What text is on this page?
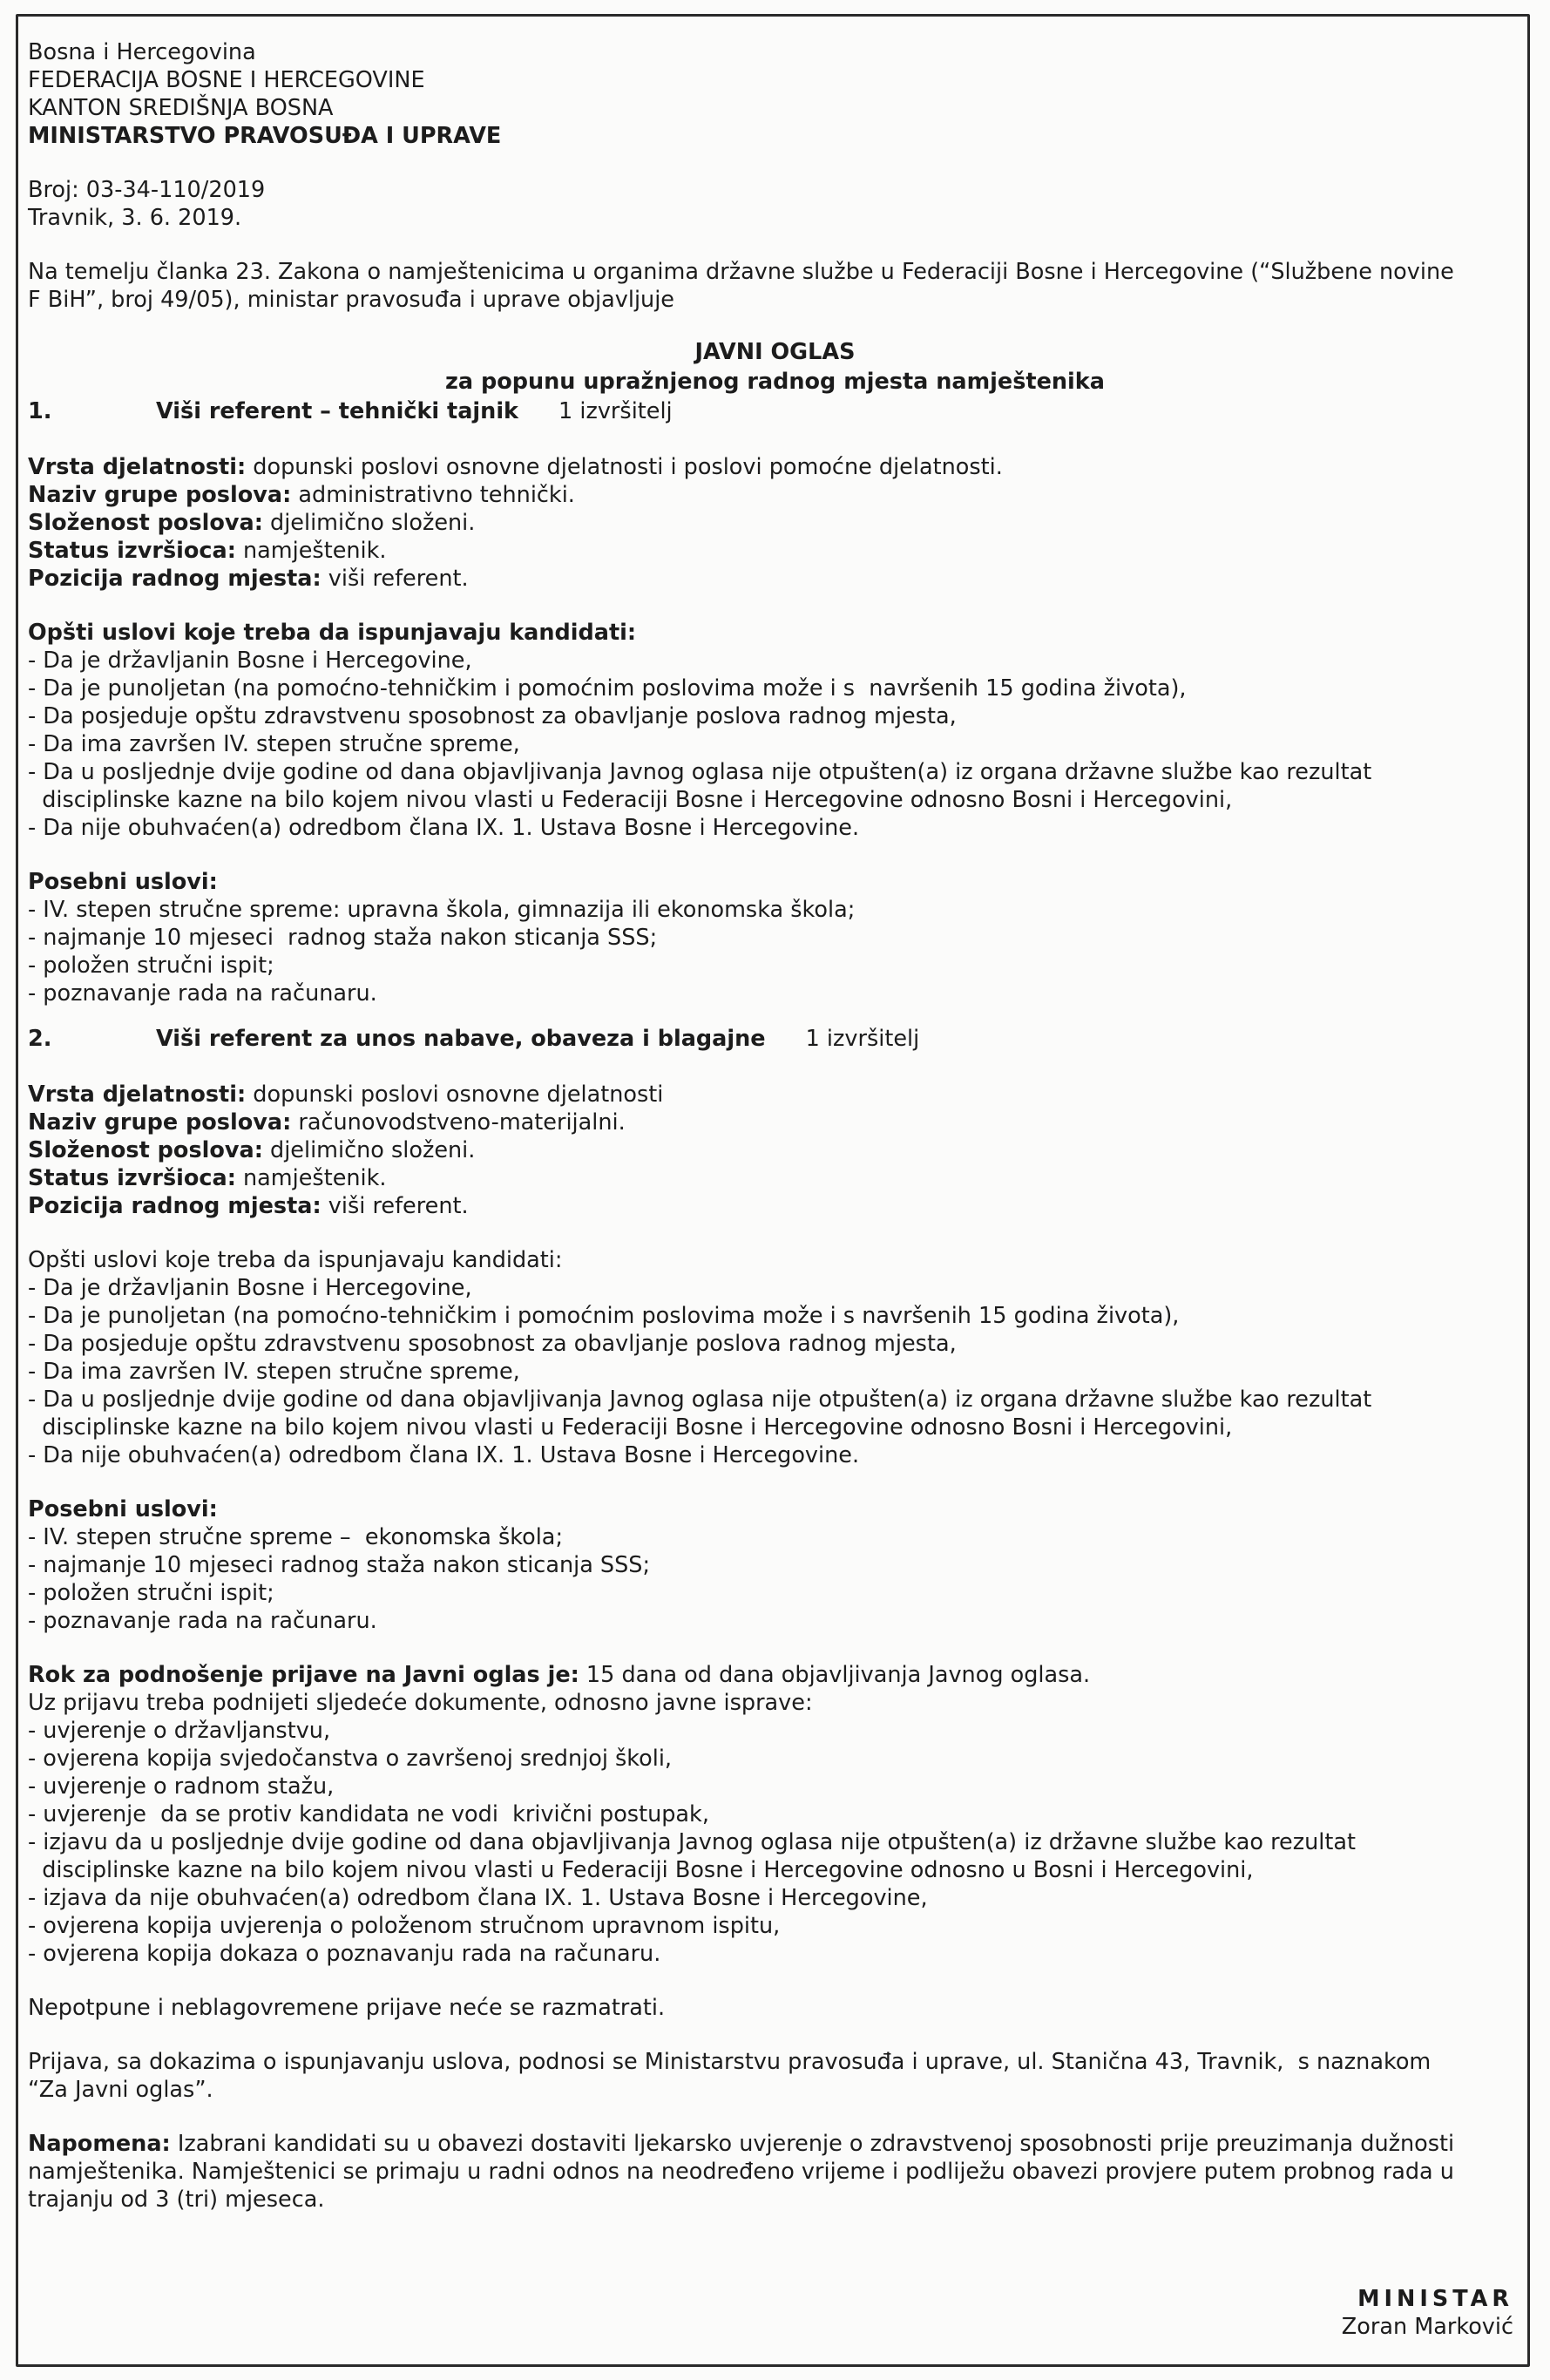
Bosna i Hercegovina
FEDERACIJA BOSNE I HERCEGOVINE
KANTON SREDIŠNJA BOSNA
MINISTARSTVO PRAVOSUĐA I UPRAVE
Broj: 03-34-110/2019
Travnik, 3. 6. 2019.
Na temelju članka 23. Zakona o namještenicima u organima državne službe u Federaciji Bosne i Hercegovine (“Službene novine
F BiH”, broj 49/05), ministar pravosuđa i uprave objavljuje
JAVNI OGLAS
za popunu upražnjenog radnog mjesta namještenika
1.	Viši referent – tehnički tajnik 1 izvršitelj
Vrsta djelatnosti: dopunski poslovi osnovne djelatnosti i poslovi pomoćne djelatnosti.
Naziv grupe poslova: administrativno tehnički.
Složenost poslova: djelimično složeni.
Status izvršioca: namještenik.
Pozicija radnog mjesta: viši referent.
Opšti uslovi koje treba da ispunjavaju kandidati:
- Da je državljanin Bosne i Hercegovine,
- Da je punoljetan (na pomoćno-tehničkim i pomoćnim poslovima može i s  navršenih 15 godina života),
- Da posjeduje opštu zdravstvenu sposobnost za obavljanje poslova radnog mjesta,
- Da ima završen IV. stepen stručne spreme,
- Da u posljednje dvije godine od dana objavljivanja Javnog oglasa nije otpušten(a) iz organa državne službe kao rezultat
disciplinske kazne na bilo kojem nivou vlasti u Federaciji Bosne i Hercegovine odnosno Bosni i Hercegovini,
- Da nije obuhvaćen(a) odredbom člana IX. 1. Ustava Bosne i Hercegovine.
Posebni uslovi:
- IV. stepen stručne spreme: upravna škola, gimnazija ili ekonomska škola;
- najmanje 10 mjeseci  radnog staža nakon sticanja SSS;
- položen stručni ispit;
- poznavanje rada na računaru.
2.	Viši referent za unos nabave, obaveza i blagajne 1 izvršitelj
Vrsta djelatnosti: dopunski poslovi osnovne djelatnosti
Naziv grupe poslova: računovodstveno-materijalni.
Složenost poslova: djelimično složeni.
Status izvršioca: namještenik.
Pozicija radnog mjesta: viši referent.
Opšti uslovi koje treba da ispunjavaju kandidati:
- Da je državljanin Bosne i Hercegovine,
- Da je punoljetan (na pomoćno-tehničkim i pomoćnim poslovima može i s navršenih 15 godina života),
- Da posjeduje opštu zdravstvenu sposobnost za obavljanje poslova radnog mjesta,
- Da ima završen IV. stepen stručne spreme,
- Da u posljednje dvije godine od dana objavljivanja Javnog oglasa nije otpušten(a) iz organa državne službe kao rezultat
disciplinske kazne na bilo kojem nivou vlasti u Federaciji Bosne i Hercegovine odnosno Bosni i Hercegovini,
- Da nije obuhvaćen(a) odredbom člana IX. 1. Ustava Bosne i Hercegovine.
Posebni uslovi:
- IV. stepen stručne spreme –  ekonomska škola;
- najmanje 10 mjeseci radnog staža nakon sticanja SSS;
- položen stručni ispit;
- poznavanje rada na računaru.
Rok za podnošenje prijave na Javni oglas je: 15 dana od dana objavljivanja Javnog oglasa.
Uz prijavu treba podnijeti sljedeće dokumente, odnosno javne isprave:
- uvjerenje o državljanstvu,
- ovjerena kopija svjedočanstva o završenoj srednjoj školi,
- uvjerenje o radnom stažu,
- uvjerenje  da se protiv kandidata ne vodi  krivični postupak,
- izjavu da u posljednje dvije godine od dana objavljivanja Javnog oglasa nije otpušten(a) iz državne službe kao rezultat
disciplinske kazne na bilo kojem nivou vlasti u Federaciji Bosne i Hercegovine odnosno u Bosni i Hercegovini,
- izjava da nije obuhvaćen(a) odredbom člana IX. 1. Ustava Bosne i Hercegovine,
- ovjerena kopija uvjerenja o položenom stručnom upravnom ispitu,
- ovjerena kopija dokaza o poznavanju rada na računaru.
Nepotpune i neblagovremene prijave neće se razmatrati.
Prijava, sa dokazima o ispunjavanju uslova, podnosi se Ministarstvu pravosuđa i uprave, ul. Stanična 43, Travnik,  s naznakom
“Za Javni oglas”.
Napomena: Izabrani kandidati su u obavezi dostaviti ljekarsko uvjerenje o zdravstvenoj sposobnosti prije preuzimanja dužnosti
namještenika. Namještenici se primaju u radni odnos na neodređeno vrijeme i podliježu obavezi provjere putem probnog rada u
trajanju od 3 (tri) mjeseca.
MINISTAR
Zoran Marković
